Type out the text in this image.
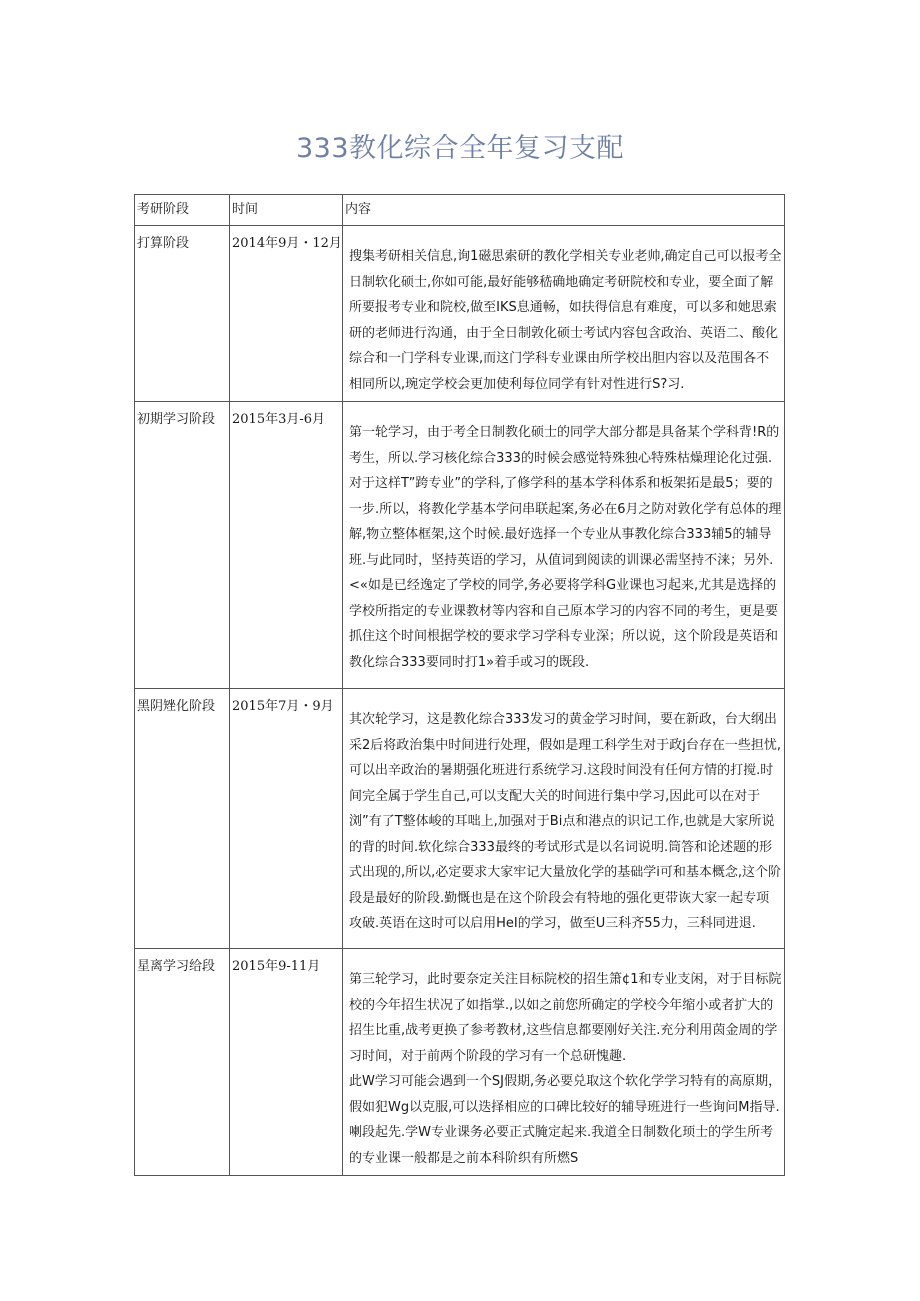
333教化综合全年复习支配
考研阶段	时间	内容
打算阶段	2014年9月・12月	搜集考研相关信息,询1磁思索研的教化学相关专业老帅,确定自己可以报考全日制软化硕士,你如可能,最好能够嵇确地确定考研院校和专业，要全面了解所要报考专业和院校,做至IKS息通畅，如扶得信息有难度，可以多和她思索研的老师进行沟通，由于全日制敦化硕士考试内容包含政治、英语二、酸化综合和一门学科专业课,而这门学科专业课由所学校出胆内容以及范围各不相同所以,琬定学校会更加使利每位同学有针对性进行S?习.

初期学习阶段	2015年3月-6月	第一轮学习，由于考全日制教化硕士的同学大部分都是具备某个学科背!R的考生，所以.学习核化综合333的时候会感觉特殊独心特殊枯燥理论化过强.对于这样T”跨专业”的学科,了修学科的基本学科体系和板架拓是最5；要的一步.所以，将教化学基本学问串联起案,务必在6月之防对敦化学有总体的理解,物立整体框架,这个时候.最好选择一个专业从事教化综合333辅5的辅导班.与此同时，坚持英语的学习，从值词到阅读的训课必需坚持不涞；另外.<«如是已经逸定了学校的同学,务必要将学科G业课也习起来,尤其是选择的学校所指定的专业课教材等内容和自己原本学习的内容不同的考生，更是要抓住这个时间根据学校的要求学习学科专业深；所以说，这个阶段是英语和教化综合333要同时打1»着手或习的既段.

黑阴矬化阶段	2015年7月・9月	其次轮学习，这是教化综合333发习的黄金学习时间，要在新政，台大纲出采2后将政治集中时间进行处理，假如是理工科学生对于政j台存在一些担忧,可以出辛政治的暑期强化班进行系统学习.这段时间没有任何方情的打搅.时间完全属于学生自己,可以支配大关的时间进行集中学习,因此可以在对于浏”有了T整体峻的耳咄上,加强对于Bi点和港点的识记工作,也就是大家所说的背的时间.软化综合333最终的考试形式是以名词说明.筒答和论述题的形式出现的,所以,必定要求大家牢记大量放化学的基础学i可和基本概念,这个阶段是最好的阶段.勤慨也是在这个阶段会有特地的强化更带诙大家一起专项攻破.英语在这时可以启用HeI的学习，做至U三科齐55力，三科同进退.

星离学习给段	2015年9-11月	第三轮学习，此时要奈定关注目标院校的招生箫¢1和专业支闲，对于目标院校的今年招生状况了如指掌.,以如之前您所确定的学校今年缩小或者扩大的招生比重,战考更换了参考教材,这些信息都要刚好关注.充分利用茵金周的学习时间，对于前两个阶段的学习有一个总研愧趣.

此W学习可能会遇到一个SJ假期,务必要兑取这个软化学学习特有的高原期，假如犯Wg以克服,可以迭择相应的口碑比较好的辅导班进行一些询问M指导.喇段起先.学W专业课务必要正式腌定起来.我道全日制数化顼士的学生所考的专业课一般都是之前本科阶织有所燃S
